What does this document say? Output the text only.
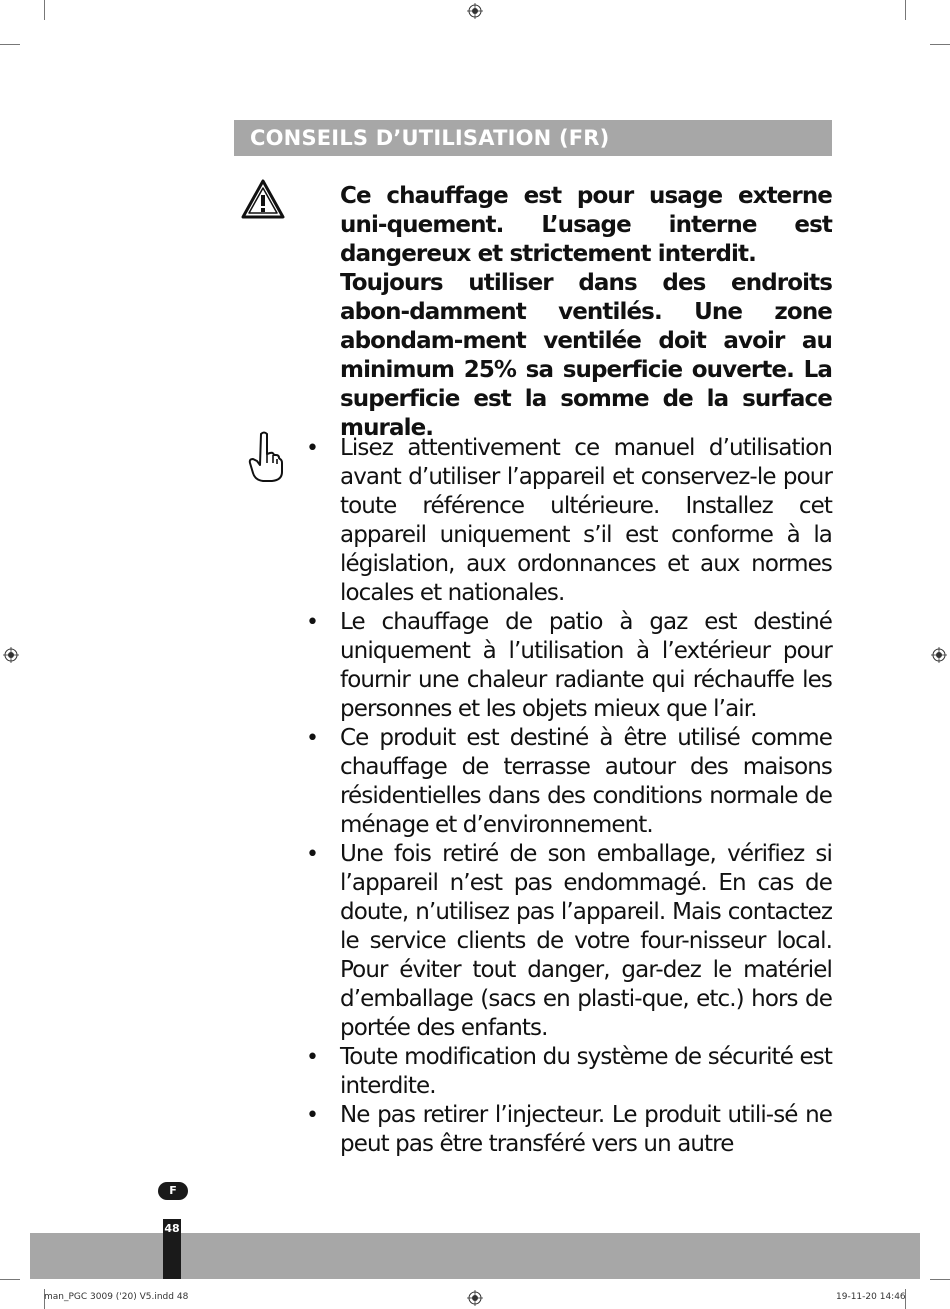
CONSEILS D’UTILISATION (FR)

Ce chauffage est pour usage externe uni-quement. L’usage interne est dangereux et strictement interdit.

Toujours utiliser dans des endroits abon-damment ventilés. Une zone abondam-ment ventilée doit avoir au minimum 25% sa superficie ouverte. La superficie est la somme de la surface murale.

• Lisez attentivement ce manuel d’utilisation avant d’utiliser l’appareil et conservez-le pour toute référence ultérieure. Installez cet appareil uniquement s’il est conforme à la législation, aux ordonnances et aux normes locales et nationales.
• Le chauffage de patio à gaz est destiné uniquement à l’utilisation à l’extérieur pour fournir une chaleur radiante qui réchauffe les personnes et les objets mieux que l’air.
• Ce produit est destiné à être utilisé comme chauffage de terrasse autour des maisons résidentielles dans des conditions normale de ménage et d’environnement.
• Une fois retiré de son emballage, vérifiez si l’appareil n’est pas endommagé. En cas de doute, n’utilisez pas l’appareil. Mais contactez le service clients de votre four-nisseur local. Pour éviter tout danger, gar-dez le matériel d’emballage (sacs en plasti-que, etc.) hors de portée des enfants.
• Toute modification du système de sécurité est interdite.
• Ne pas retirer l’injecteur. Le produit utili-sé ne peut pas être transféré vers un autre
F
48
man_PGC 3009 ('20) V5.indd 48	19-11-20 14:46
